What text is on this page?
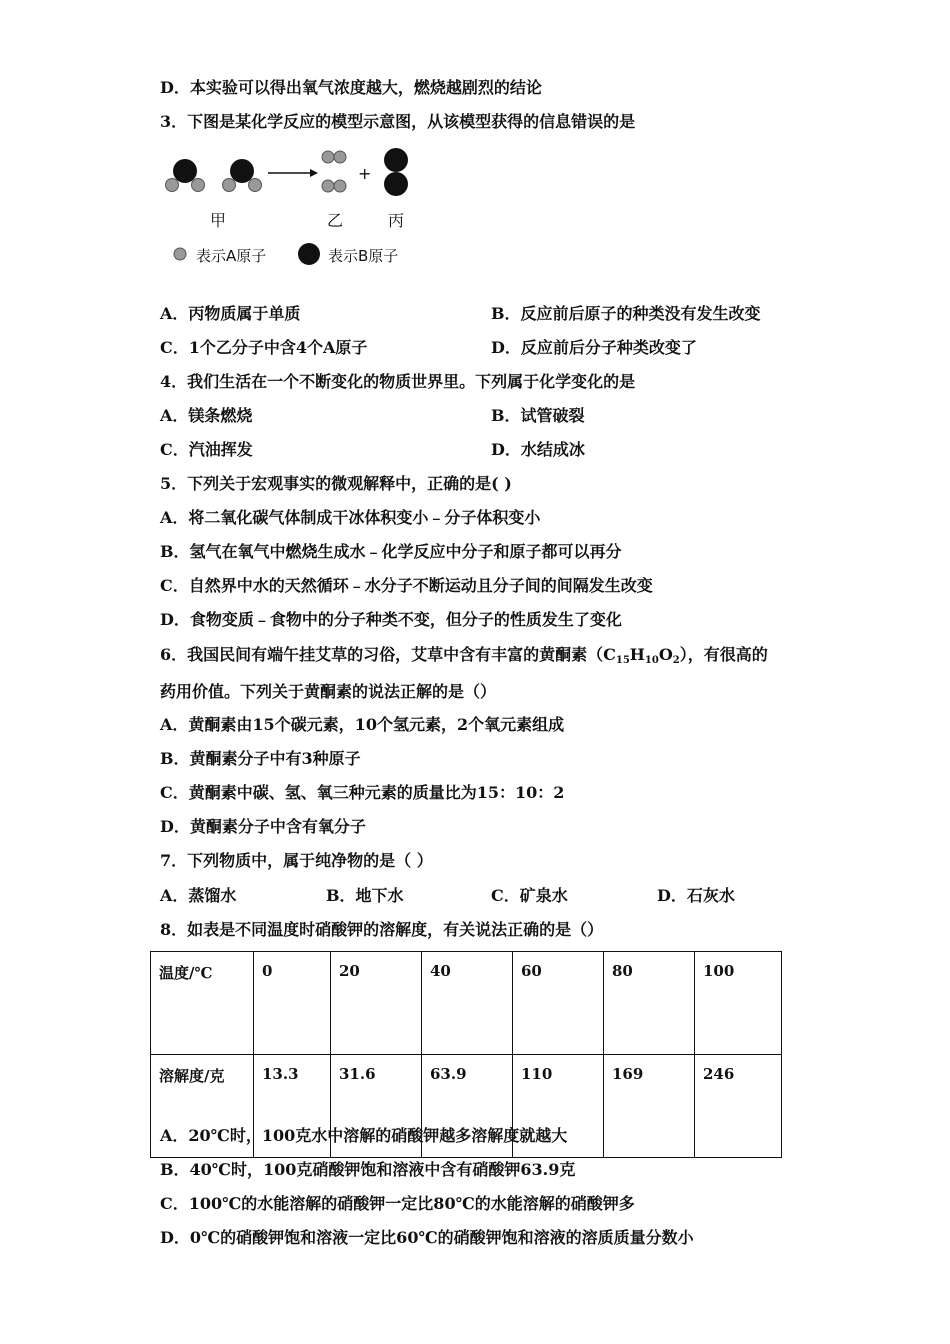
D．本实验可以得出氧气浓度越大，燃烧越剧烈的结论
3．下图是某化学反应的模型示意图，从该模型获得的信息错误的是
+
甲	乙	丙
表示A原子	表示B原子
A．丙物质属于单质	B．反应前后原子的种类没有发生改变
C．1个乙分子中含4个A原子	D．反应前后分子种类改变了
4．我们生活在一个不断变化的物质世界里。下列属于化学变化的是
A．镁条燃烧	B．试管破裂
C．汽油挥发	D．水结成冰
5．下列关于宏观事实的微观解释中，正确的是( )
A．将二氧化碳气体制成干冰体积变小﹣分子体积变小
B．氢气在氧气中燃烧生成水﹣化学反应中分子和原子都可以再分
C．自然界中水的天然循环﹣水分子不断运动且分子间的间隔发生改变
D．食物变质﹣食物中的分子种类不变，但分子的性质发生了变化
6．我国民间有端午挂艾草的习俗，艾草中含有丰富的黄酮素$(C_{15}H_{10}O_2)$，有很高的
药用价值。下列关于黄酮素的说法正解的是（）
A．黄酮素由15个碳元素，10个氢元素，2个氧元素组成
B．黄酮素分子中有3种原子
C．黄酮素中碳、氢、氧三种元素的质量比为15：10：2
D．黄酮素分子中含有氧分子
7．下列物质中，属于纯净物的是（ ）
A．蒸馏水	B．地下水	C．矿泉水	D．石灰水
8．如表是不同温度时硝酸钾的溶解度，有关说法正确的是（）
温度/℃	0	20	40	60	80	100
溶解度/克	13.3	31.6	63.9	110	169	246
A．20℃时，100克水中溶解的硝酸钾越多溶解度就越大
B．40℃时，100克硝酸钾饱和溶液中含有硝酸钾63.9克
C．100℃的水能溶解的硝酸钾一定比80℃的水能溶解的硝酸钾多
D．0℃的硝酸钾饱和溶液一定比60℃的硝酸钾饱和溶液的溶质质量分数小
